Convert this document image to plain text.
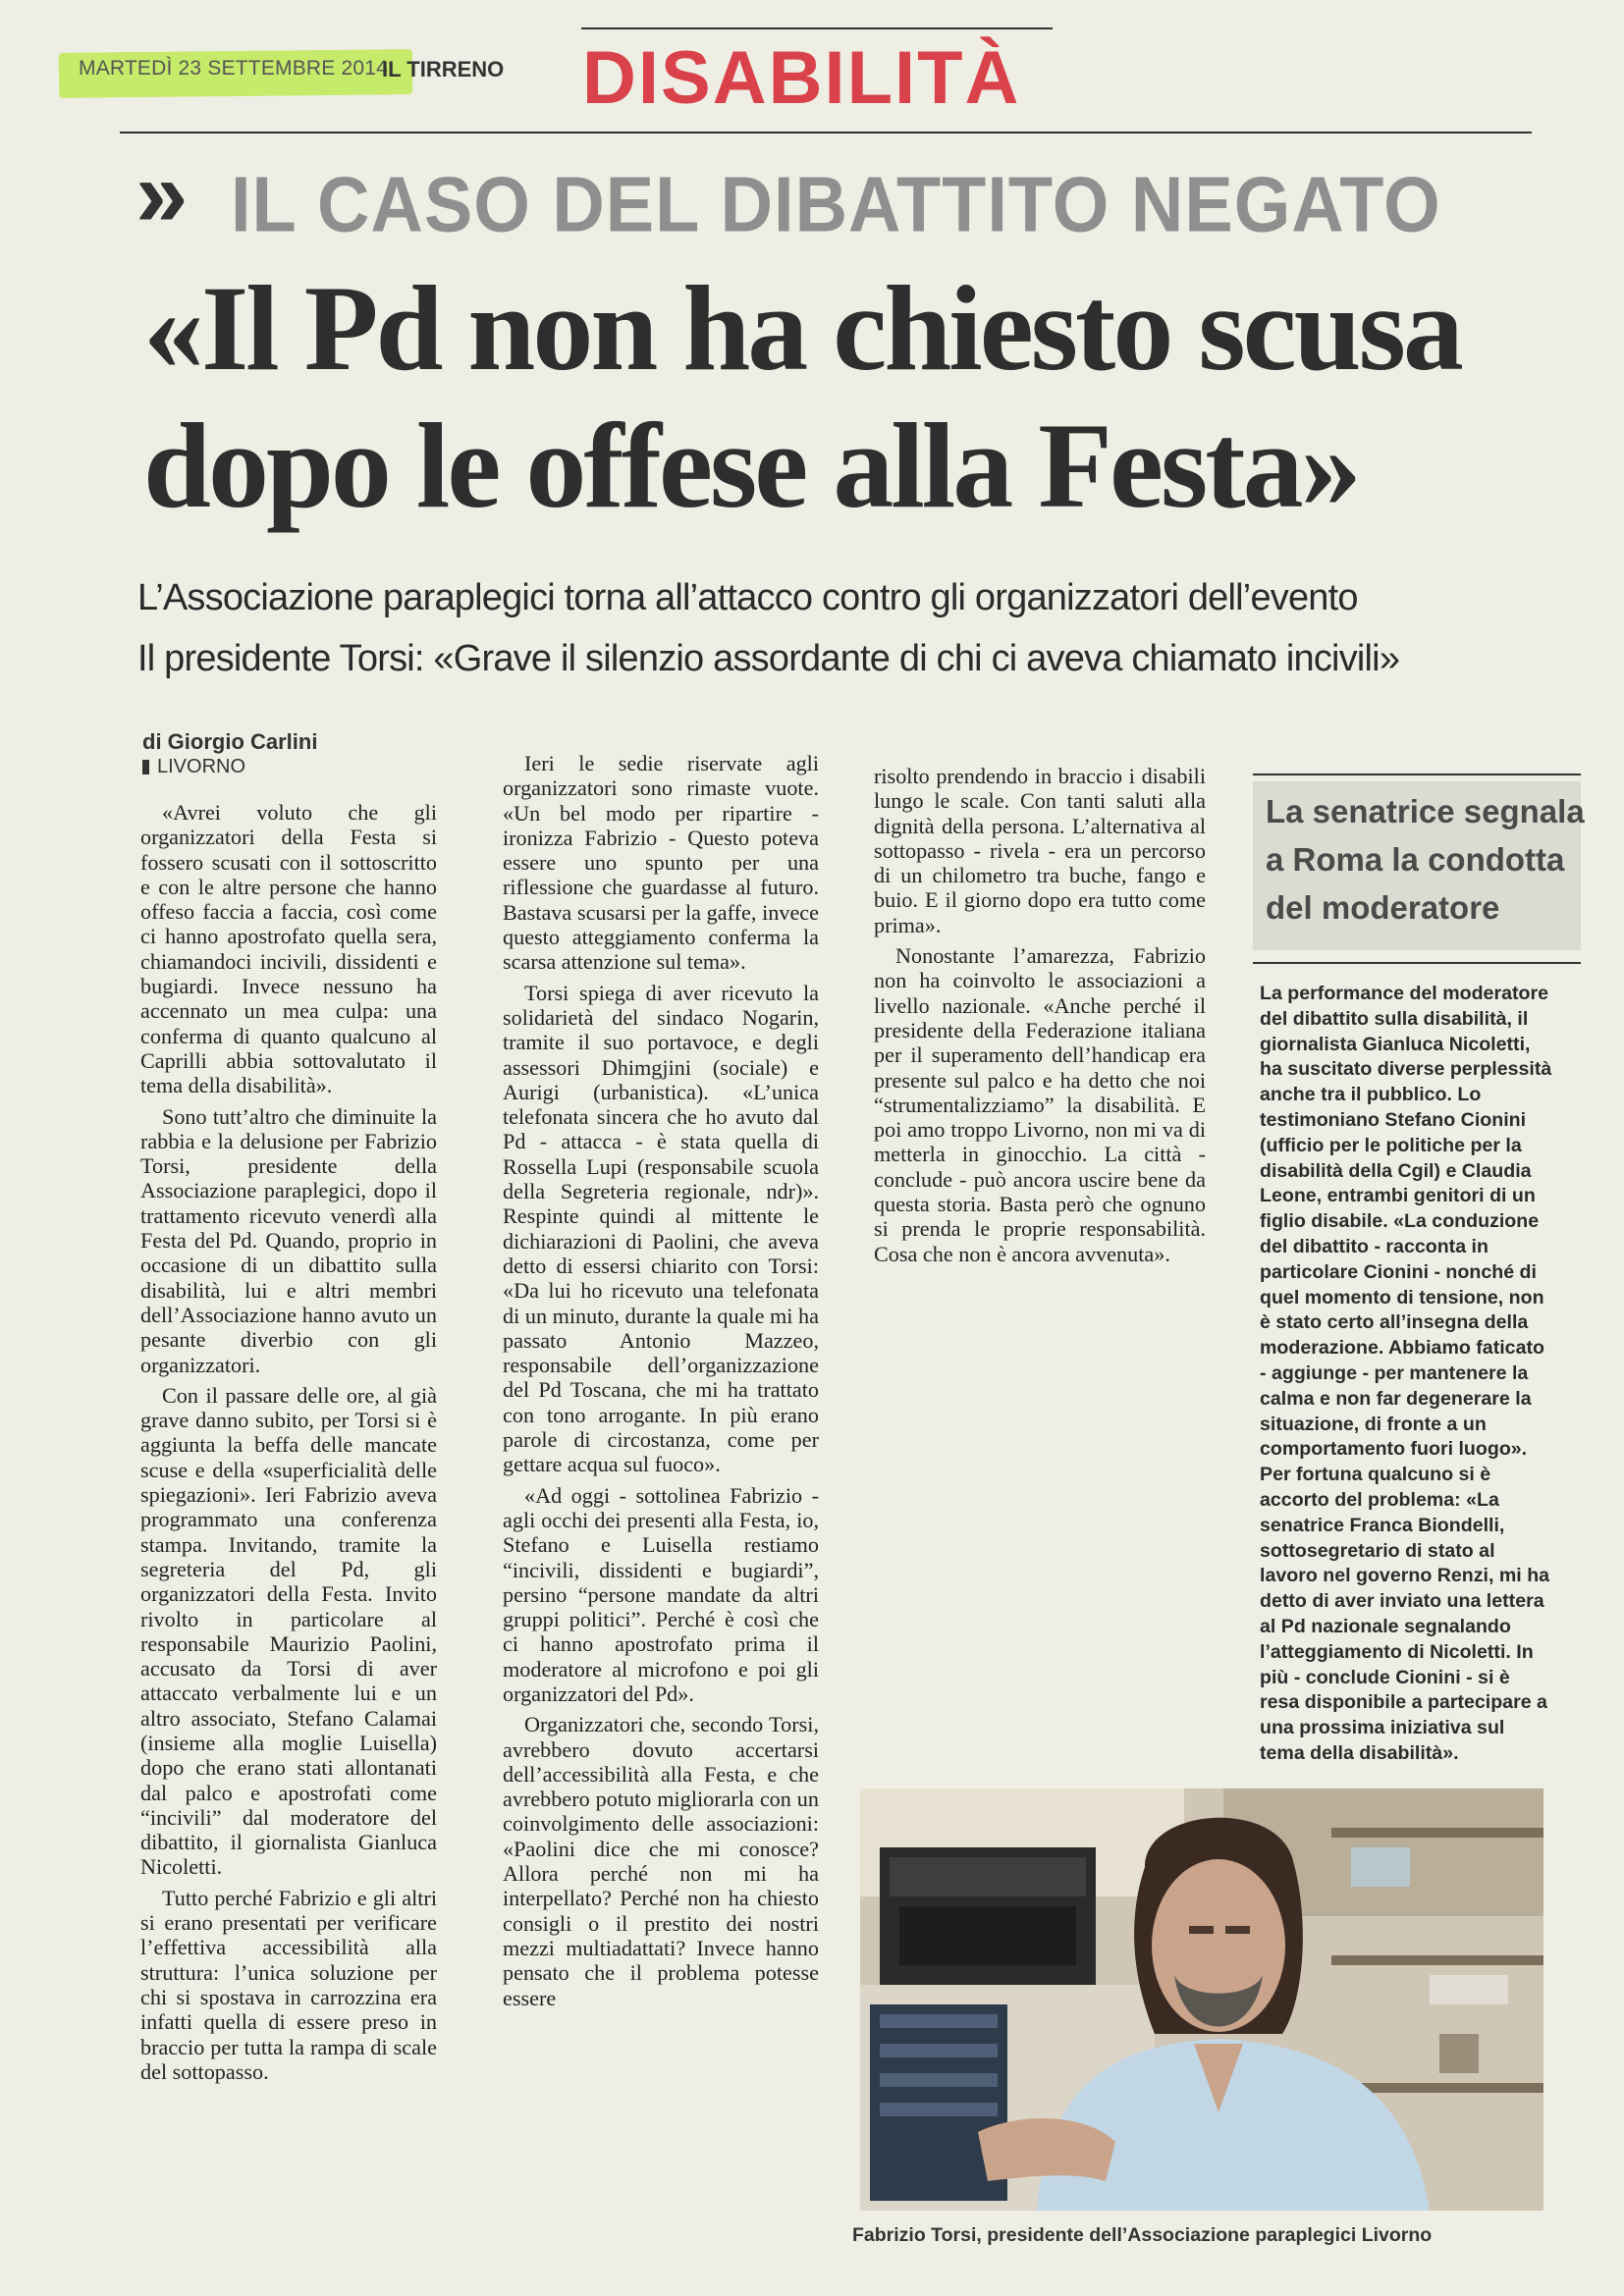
MARTEDÌ 23 SETTEMBRE 2014
IL TIRRENO DISABILITÀ
» IL CASO DEL DIBATTITO NEGATO
«Il Pd non ha chiesto scusa
dopo le offese alla Festa»
L’Associazione paraplegici torna all’attacco contro gli organizzatori dell’evento
Il presidente Torsi: «Grave il silenzio assordante di chi ci aveva chiamato incivili»
di Giorgio Carlini
LIVORNO

«Avrei voluto che gli organizzatori della Festa si fossero scusati con il sottoscritto e con le altre persone che hanno offeso faccia a faccia, così come ci hanno apostrofato quella sera, chiamandoci incivili, dissidenti e bugiardi. Invece nessuno ha accennato un mea culpa: una conferma di quanto qualcuno al Caprilli abbia sottovalutato il tema della disabilità».

Sono tutt’altro che diminuite la rabbia e la delusione per Fabrizio Torsi, presidente della Associazione paraplegici, dopo il trattamento ricevuto venerdì alla Festa del Pd. Quando, proprio in occasione di un dibattito sulla disabilità, lui e altri membri dell’Associazione hanno avuto un pesante diverbio con gli organizzatori.

Con il passare delle ore, al già grave danno subito, per Torsi si è aggiunta la beffa delle mancate scuse e della «superficialità delle spiegazioni». Ieri Fabrizio aveva programmato una conferenza stampa. Invitando, tramite la segreteria del Pd, gli organizzatori della Festa. Invito rivolto in particolare al responsabile Maurizio Paolini, accusato da Torsi di aver attaccato verbalmente lui e un altro associato, Stefano Calamai (insieme alla moglie Luisella) dopo che erano stati allontanati dal palco e apostrofati come “incivili” dal moderatore del dibattito, il giornalista Gianluca Nicoletti.

Tutto perché Fabrizio e gli altri si erano presentati per verificare l’effettiva accessibilità alla struttura: l’unica soluzione per chi si spostava in carrozzina era infatti quella di essere preso in braccio per tutta la rampa di scale del sottopasso.

Ieri le sedie riservate agli organizzatori sono rimaste vuote. «Un bel modo per ripartire - ironizza Fabrizio - Questo poteva essere uno spunto per una riflessione che guardasse al futuro. Bastava scusarsi per la gaffe, invece questo atteggiamento conferma la scarsa attenzione sul tema».

Torsi spiega di aver ricevuto la solidarietà del sindaco Nogarin, tramite il suo portavoce, e degli assessori Dhimgjini (sociale) e Aurigi (urbanistica). «L’unica telefonata sincera che ho avuto dal Pd - attacca - è stata quella di Rossella Lupi (responsabile scuola della Segreteria regionale, ndr)». Respinte quindi al mittente le dichiarazioni di Paolini, che aveva detto di essersi chiarito con Torsi: «Da lui ho ricevuto una telefonata di un minuto, durante la quale mi ha passato Antonio Mazzeo, responsabile dell’organizzazione del Pd Toscana, che mi ha trattato con tono arrogante. In più erano parole di circostanza, come per gettare acqua sul fuoco».

«Ad oggi - sottolinea Fabrizio - agli occhi dei presenti alla Festa, io, Stefano e Luisella restiamo “incivili, dissidenti e bugiardi”, persino “persone mandate da altri gruppi politici”. Perché è così che ci hanno apostrofato prima il moderatore al microfono e poi gli organizzatori del Pd».

Organizzatori che, secondo Torsi, avrebbero dovuto accertarsi dell’accessibilità alla Festa, e che avrebbero potuto migliorarla con un coinvolgimento delle associazioni: «Paolini dice che mi conosce? Allora perché non mi ha interpellato? Perché non ha chiesto consigli o il prestito dei nostri mezzi multiadattati? Invece hanno pensato che il problema potesse essere

risolto prendendo in braccio i disabili lungo le scale. Con tanti saluti alla dignità della persona. L’alternativa al sottopasso - rivela - era un percorso di un chilometro tra buche, fango e buio. E il giorno dopo era tutto come prima».

Nonostante l’amarezza, Fabrizio non ha coinvolto le associazioni a livello nazionale. «Anche perché il presidente della Federazione italiana per il superamento dell’handicap era presente sul palco e ha detto che noi “strumentalizziamo” la disabilità. E poi amo troppo Livorno, non mi va di metterla in ginocchio. La città - conclude - può ancora uscire bene da questa storia. Basta però che ognuno si prenda le proprie responsabilità. Cosa che non è ancora avvenuta».

La senatrice segnala
a Roma la condotta
del moderatore
La performance del moderatore del dibattito sulla disabilità, il giornalista Gianluca Nicoletti, ha suscitato diverse perplessità anche tra il pubblico. Lo testimoniano Stefano Cionini (ufficio per le politiche per la disabilità della Cgil) e Claudia Leone, entrambi genitori di un figlio disabile. «La conduzione del dibattito - racconta in particolare Cionini - nonché di quel momento di tensione, non è stato certo all’insegna della moderazione. Abbiamo faticato - aggiunge - per mantenere la calma e non far degenerare la situazione, di fronte a un comportamento fuori luogo». Per fortuna qualcuno si è accorto del problema: «La senatrice Franca Biondelli, sottosegretario di stato al lavoro nel governo Renzi, mi ha detto di aver inviato una lettera al Pd nazionale segnalando l’atteggiamento di Nicoletti. In più - conclude Cionini - si è resa disponibile a partecipare a una prossima iniziativa sul tema della disabilità».
Fabrizio Torsi, presidente dell’Associazione paraplegici Livorno
